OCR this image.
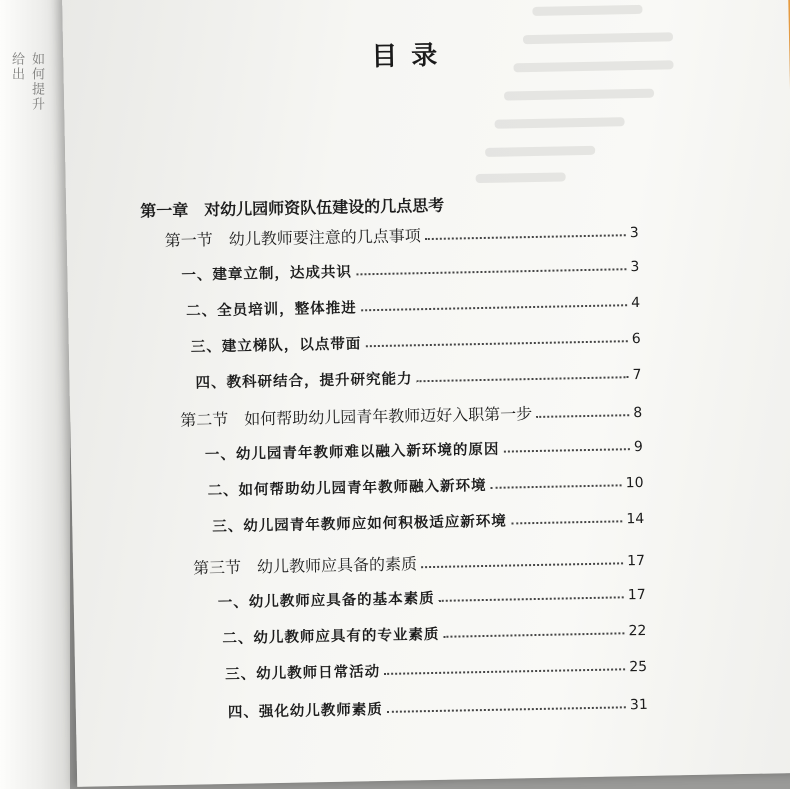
如何提升给出	目录
第一章　对幼儿园师资队伍建设的几点思考
第一节　幼儿教师要注意的几点事项	3
一、建章立制，达成共识	3
二、全员培训，整体推进	4
三、建立梯队，以点带面	6
四、教科研结合，提升研究能力	7
第二节　如何帮助幼儿园青年教师迈好入职第一步	8
一、幼儿园青年教师难以融入新环境的原因	9
二、如何帮助幼儿园青年教师融入新环境	10
三、幼儿园青年教师应如何积极适应新环境	14
第三节　幼儿教师应具备的素质	17
一、幼儿教师应具备的基本素质	17
二、幼儿教师应具有的专业素质	22
三、幼儿教师日常活动	25
四、强化幼儿教师素质	31
